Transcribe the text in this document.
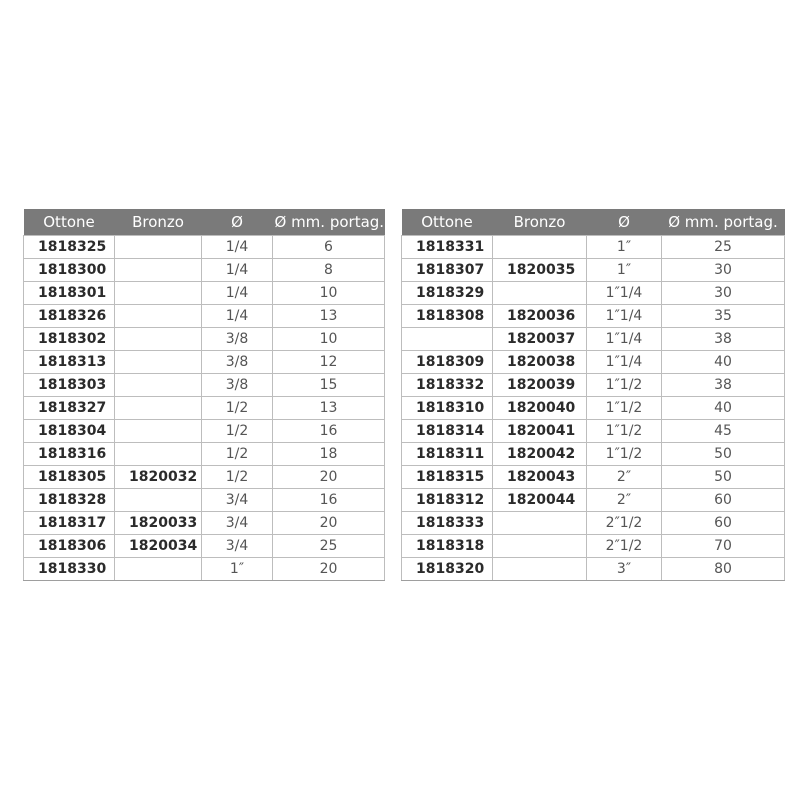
Ottone	Bronzo	Ø	Ø mm. portag.
1818325		1/4	6
1818300		1/4	8
1818301		1/4	10
1818326		1/4	13
1818302		3/8	10
1818313		3/8	12
1818303		3/8	15
1818327		1/2	13
1818304		1/2	16
1818316		1/2	18
1818305	1820032	1/2	20
1818328		3/4	16
1818317	1820033	3/4	20
1818306	1820034	3/4	25
1818330		1″	20
Ottone	Bronzo	Ø	Ø mm. portag.
1818331		1″	25
1818307	1820035	1″	30
1818329		1″1/4	30
1818308	1820036	1″1/4	35
	1820037	1″1/4	38
1818309	1820038	1″1/4	40
1818332	1820039	1″1/2	38
1818310	1820040	1″1/2	40
1818314	1820041	1″1/2	45
1818311	1820042	1″1/2	50
1818315	1820043	2″	50
1818312	1820044	2″	60
1818333		2″1/2	60
1818318		2″1/2	70
1818320		3″	80
